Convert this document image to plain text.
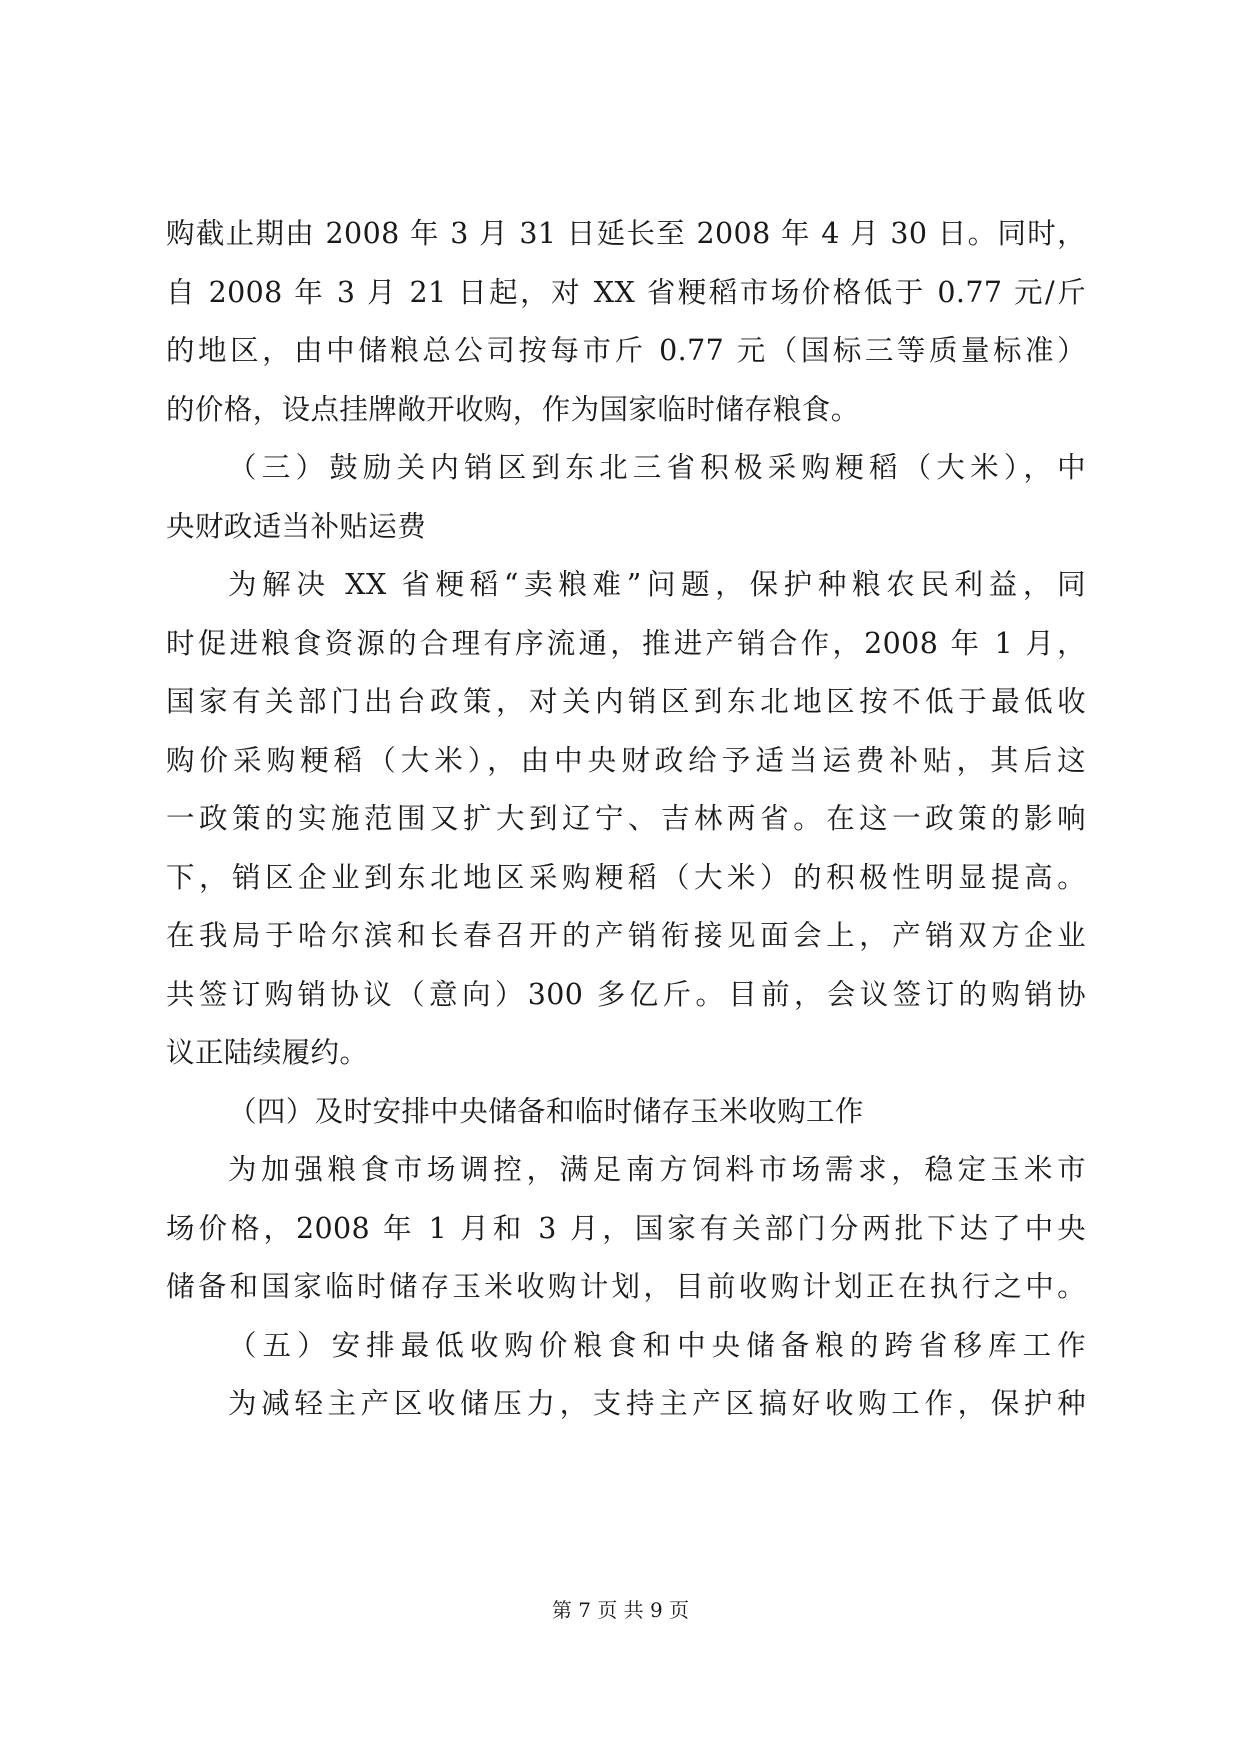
购截止期由 2008 年 3 月 31 日延长至 2008 年 4 月 30 日。同时，
自 2008 年 3 月 21 日起，对 XX 省粳稻市场价格低于 0.77 元/斤
的地区，由中储粮总公司按每市斤 0.77 元（国标三等质量标准）
的价格，设点挂牌敞开收购，作为国家临时储存粮食。
（三）鼓励关内销区到东北三省积极采购粳稻（大米），中
央财政适当补贴运费
为解决 XX 省粳稻“卖粮难”问题，保护种粮农民利益，同
时促进粮食资源的合理有序流通，推进产销合作，2008 年 1 月，
国家有关部门出台政策，对关内销区到东北地区按不低于最低收
购价采购粳稻（大米），由中央财政给予适当运费补贴，其后这
一政策的实施范围又扩大到辽宁、吉林两省。在这一政策的影响
下，销区企业到东北地区采购粳稻（大米）的积极性明显提高。
在我局于哈尔滨和长春召开的产销衔接见面会上，产销双方企业
共签订购销协议（意向）300 多亿斤。目前，会议签订的购销协
议正陆续履约。
（四）及时安排中央储备和临时储存玉米收购工作
为加强粮食市场调控，满足南方饲料市场需求，稳定玉米市
场价格，2008 年 1 月和 3 月，国家有关部门分两批下达了中央
储备和国家临时储存玉米收购计划，目前收购计划正在执行之中。
（五）安排最低收购价粮食和中央储备粮的跨省移库工作
为减轻主产区收储压力，支持主产区搞好收购工作，保护种
第 7 页 共 9 页
